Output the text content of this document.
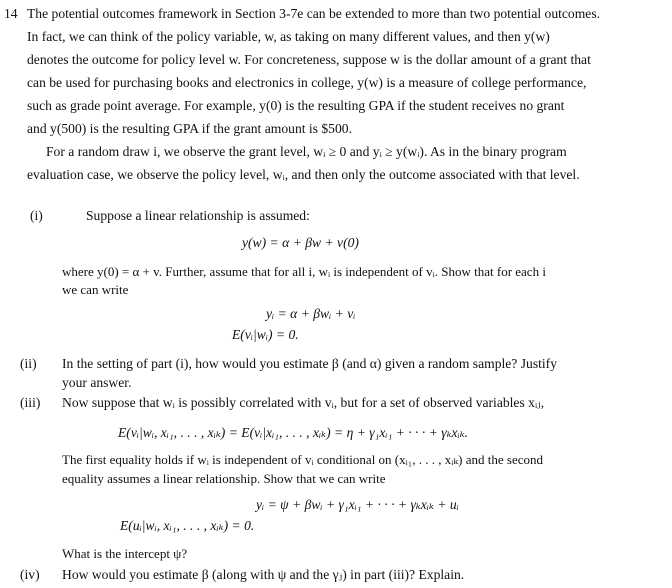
14 The potential outcomes framework in Section 3-7e can be extended to more than two potential outcomes.
In fact, we can think of the policy variable, w, as taking on many different values, and then y(w)
denotes the outcome for policy level w. For concreteness, suppose w is the dollar amount of a grant that
can be used for purchasing books and electronics in college, y(w) is a measure of college performance,
such as grade point average. For example, y(0) is the resulting GPA if the student receives no grant
and y(500) is the resulting GPA if the grant amount is $500.
For a random draw i, we observe the grant level, wᵢ ≥ 0 and yᵢ ≥ y(wᵢ). As in the binary program
evaluation case, we observe the policy level, wᵢ, and then only the outcome associated with that level.
(i)	Suppose a linear relationship is assumed:
y(w) = α + βw + v(0)
where y(0) = α + v. Further, assume that for all i, wᵢ is independent of vᵢ. Show that for each i
we can write
yᵢ = α + βwᵢ + vᵢ
E(vᵢ|wᵢ) = 0.
(ii) In the setting of part (i), how would you estimate β (and α) given a random sample? Justify
your answer.
(iii) Now suppose that wᵢ is possibly correlated with vᵢ, but for a set of observed variables xᵢⱼ,
E(vᵢ|wᵢ, xᵢ₁, . . . , xᵢₖ) = E(vᵢ|xᵢ₁, . . . , xᵢₖ) = η + γ₁xᵢ₁ + · · · + γₖxᵢₖ.
The first equality holds if wᵢ is independent of vᵢ conditional on (xᵢ₁, . . . , xᵢₖ) and the second
equality assumes a linear relationship. Show that we can write
yᵢ = ψ + βwᵢ + γ₁xᵢ₁ + · · · + γₖxᵢₖ + uᵢ
E(uᵢ|wᵢ, xᵢ₁, . . . , xᵢₖ) = 0.
What is the intercept ψ?
(iv) How would you estimate β (along with ψ and the γⱼ) in part (iii)? Explain.
